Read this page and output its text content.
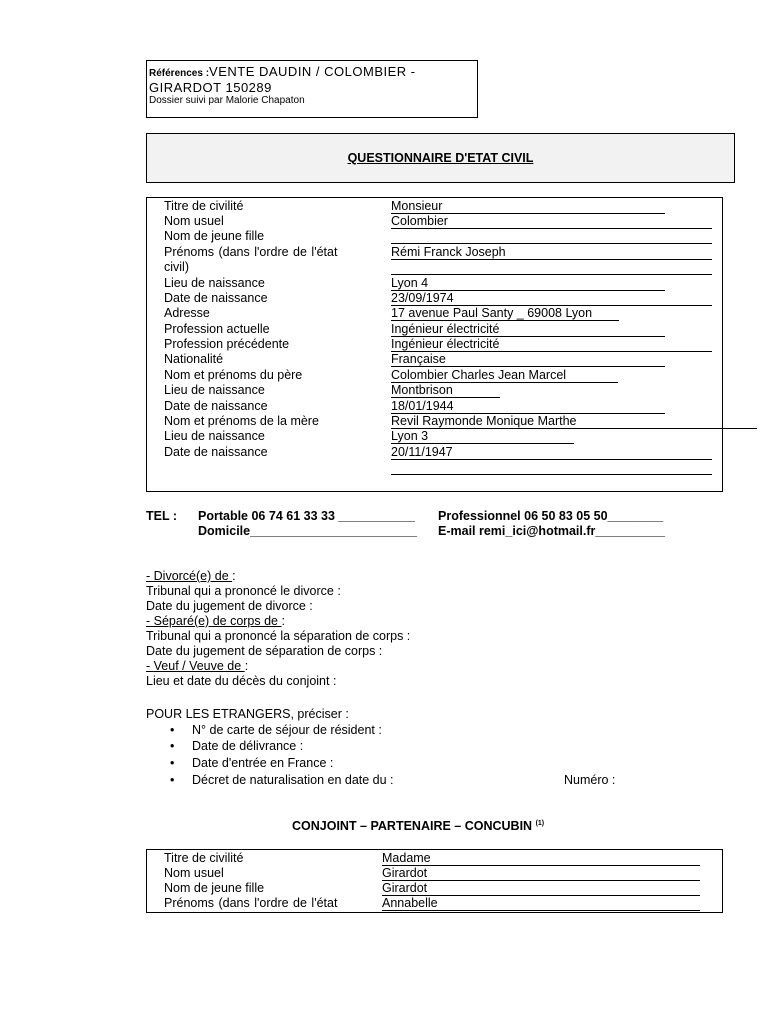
Références :VENTE DAUDIN / COLOMBIER -
GIRARDOT 150289
Dossier suivi par Malorie Chapaton
QUESTIONNAIRE D'ETAT CIVIL
Titre de civilité	Monsieur
Nom usuel	Colombier
Nom de jeune fille
Prénoms (dans l'ordre de l'état	Rémi Franck Joseph
civil)
Lieu de naissance	Lyon 4
Date de naissance	23/09/1974
Adresse	17 avenue Paul Santy _ 69008 Lyon
Profession actuelle	Ingénieur électricité
Profession précédente	Ingénieur électricité
Nationalité	Française
Nom et prénoms du père	Colombier Charles Jean Marcel
Lieu de naissance	Montbrison
Date de naissance	18/01/1944
Nom et prénoms de la mère	Revil Raymonde Monique Marthe
Lieu de naissance	Lyon 3
Date de naissance	20/11/1947
TEL : Portable 06 74 61 33 33 ___________ Professionnel 06 50 83 05 50________
Domicile________________________ E-mail remi_ici@hotmail.fr__________
- Divorcé(e) de :
Tribunal qui a prononcé le divorce :
Date du jugement de divorce :
- Séparé(e) de corps de :
Tribunal qui a prononcé la séparation de corps :
Date du jugement de séparation de corps :
- Veuf / Veuve de :
Lieu et date du décès du conjoint :
POUR LES ETRANGERS, préciser :
• N° de carte de séjour de résident :
• Date de délivrance :
• Date d'entrée en France :
• Décret de naturalisation en date du :	Numéro :
CONJOINT – PARTENAIRE – CONCUBIN $^{(1)}$
Titre de civilité	Madame
Nom usuel	Girardot
Nom de jeune fille	Girardot
Prénoms (dans l'ordre de l'état	Annabelle
